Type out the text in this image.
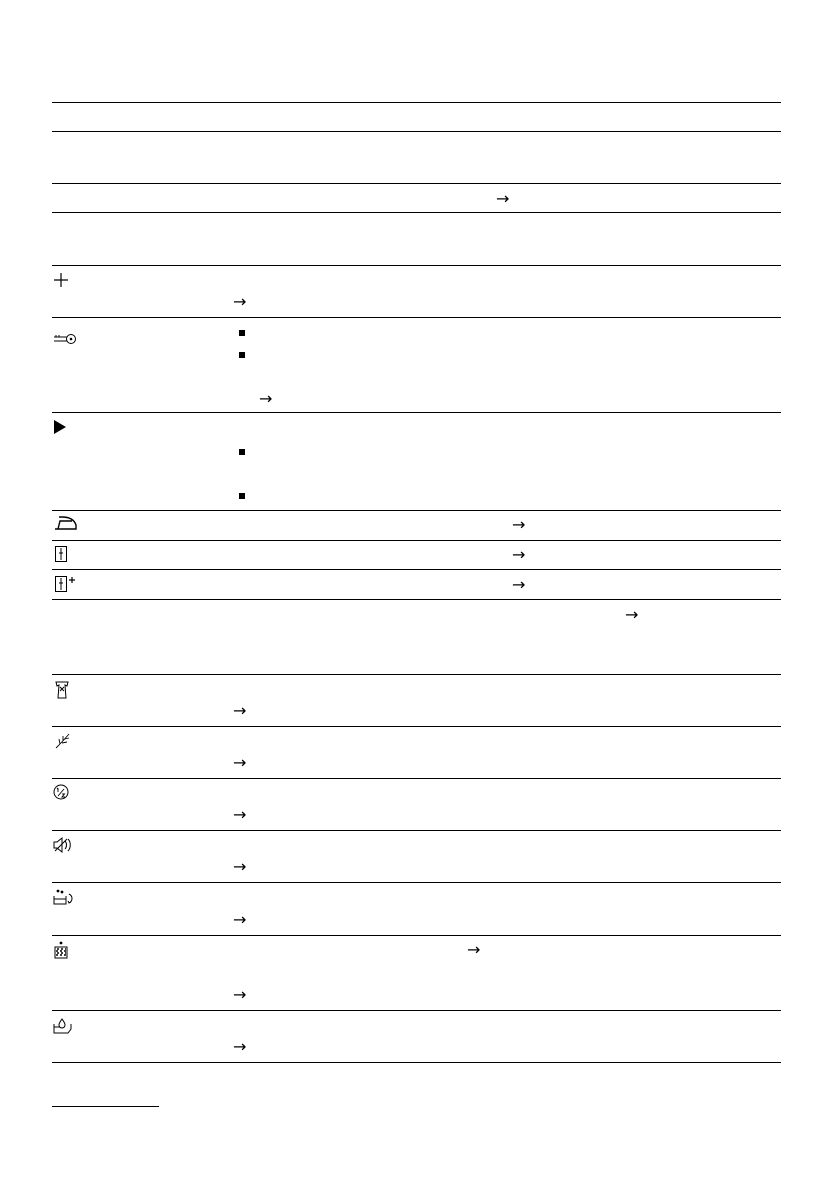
→
→
→
→
→
→
→
→
→
→
→
→
→
→
→
